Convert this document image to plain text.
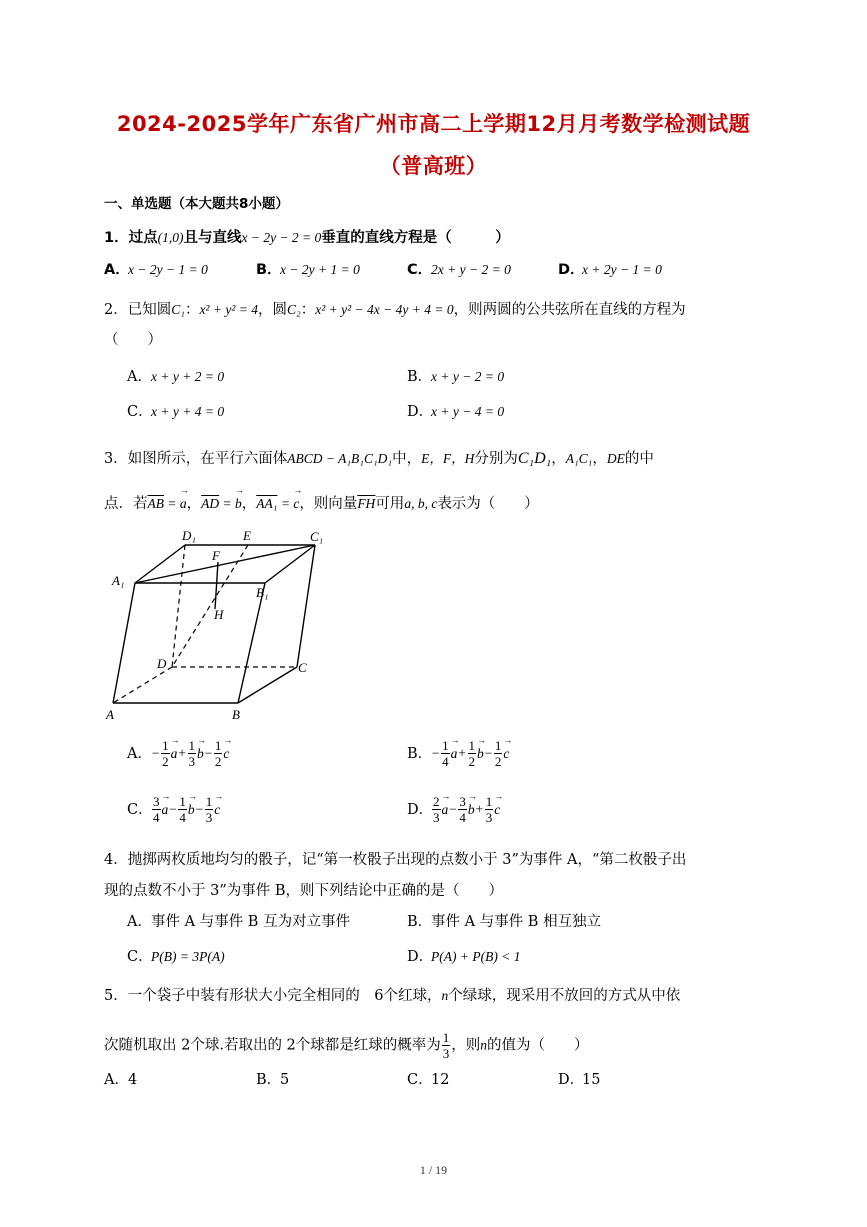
2024-2025学年广东省广州市高二上学期12月月考数学检测试题
（普高班）
一、单选题（本大题共8小题）
1．过点(1,0)且与直线x − 2y − 2 = 0垂直的直线方程是（　　　）
A．x − 2y − 1 = 0	B．x − 2y + 1 = 0	C．2x + y − 2 = 0	D．x + 2y − 1 = 0
2．已知圆C₁：x² + y² = 4，圆C₂：x² + y² − 4x − 4y + 4 = 0，则两圆的公共弦所在直线的方程为
（　　）
A．x + y + 2 = 0	B．x + y − 2 = 0
C．x + y + 4 = 0	D．x + y − 4 = 0
3．如图所示，在平行六面体ABCD − A₁B₁C₁D₁中，E，F，H分别为C₁D₁，A₁C₁，DE的中
点．若$\overline{AB}$ = → a，$\overline{AD}$ = → b，AA₁ = → c，则向量$\overline{FH}$可用a, b, c表示为（　　）
D₁	E	C₁
F
A₁
B₁
H
D	C
A	B
A．− $\frac{1}{2} \to a+ \frac{1}{3} \to b- \frac{1}{2} \to c$	B．− $\frac{1}{4} \to a+ \frac{1}{2} \to b- \frac{1}{2} \to c$
C． $\frac{3}{4} \to a- \frac{1}{4} \to b- \frac{1}{3} \to c$	D．
$\frac{2}{3} \to a- \frac{3}{4} \to b+ \frac{1}{3} \to c$
4．抛掷两枚质地均匀的骰子，记“第一枚骰子出现的点数小于 3”为事件 A，“第二枚骰子出
现的点数不小于 3”为事件 B，则下列结论中正确的是（　　）
A．事件 A 与事件 B 互为对立事件	B．事件 A 与事件 B 相互独立
C．P(B) = 3P(A)	D．P(A) + P(B) < 1
5．一个袋子中装有形状大小完全相同的　6个红球，n个绿球，现采用不放回的方式从中依
次随机取出 2个球.若取出的 2个球都是红球的概率为 $\frac{1}{3}$ ，则n的值为（　　）
A．4	B．5	C．12	D．15
1 / 19
